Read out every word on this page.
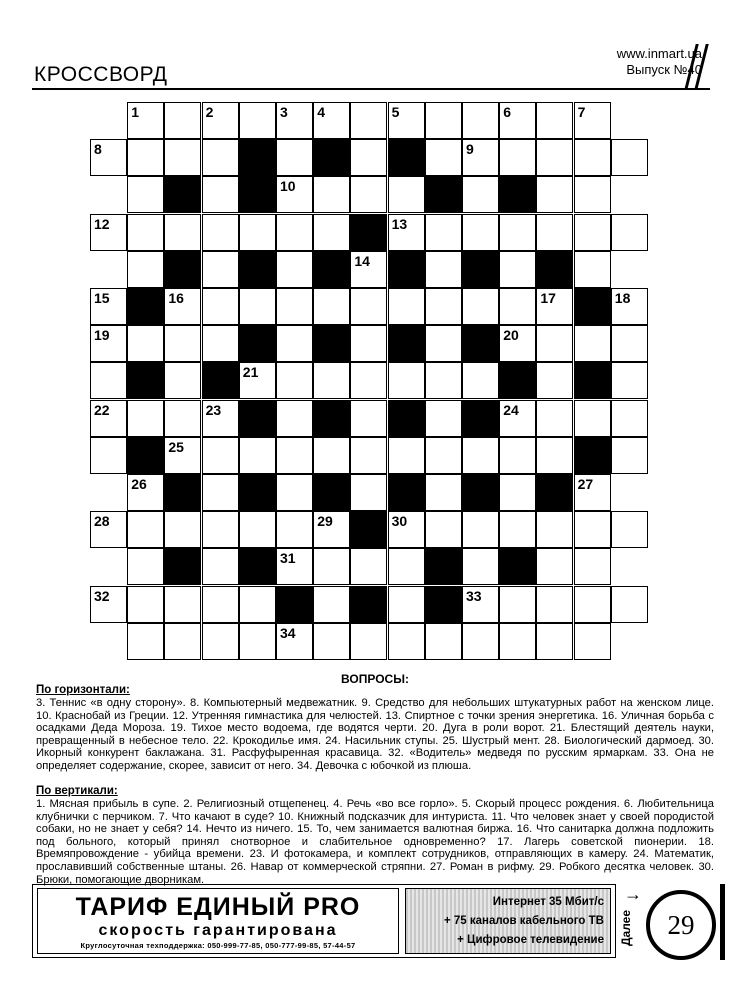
www.inmart.ua
Выпуск №40
КРОССВОРД
1	2	3 4	5	6	7
8	9
10
12	13
14
15	16	17	18
19	20
21
22	23	24
25
26	27
28	29	30
31
32	33
34
ВОПРОСЫ:
По горизонтали:
3. Теннис «в одну сторону». 8. Компьютерный медвежатник. 9. Средство для небольших штукатурных работ на женском лице. 10. Краснобай из Греции. 12. Утренняя гимнастика для челюстей. 13. Спиртное с точки зрения энергетика. 16. Уличная борьба с осадками Деда Мороза. 19. Тихое место водоема, где водятся черти. 20. Дуга в роли ворот. 21. Блестящий деятель науки, превращенный в небесное тело. 22. Крокодилье имя. 24. Насильник ступы. 25. Шустрый мент. 28. Биологический дармоед. 30. Икорный конкурент баклажана. 31. Расфуфыренная красавица. 32. «Водитель» медведя по русским ярмаркам. 33. Она не определяет содержание, скорее, зависит от него. 34. Девочка с юбочкой из плюша.
По вертикали:
1. Мясная прибыль в супе. 2. Религиозный отщепенец. 4. Речь «во все горло». 5. Скорый процесс рождения. 6. Любительница клубнички с перчиком. 7. Что качают в суде? 10. Книжный подсказчик для интуриста. 11. Что человек знает у своей породистой собаки, но не знает у себя? 14. Нечто из ничего. 15. То, чем занимается валютная биржа. 16. Что санитарка должна подложить под больного, который принял снотворное и слабительное одновременно? 17. Лагерь советской пионерии. 18. Времяпровождение - убийца времени. 23. И фотокамера, и комплект сотрудников, отправляющих в камеру. 24. Математик, прославивший собственные штаны. 26. Навар от коммерческой стряпни. 27. Роман в рифму. 29. Робкого десятка человек. 30. Брюки, помогающие дворникам.
ТАРИФ ЕДИНЫЙ PRO
скорость гарантирована
Круглосуточная техподдержка: 050-999-77-85, 050-777-99-85, 57-44-57
Интернет 35 Мбит/с
+ 75 каналов кабельного ТВ
+ Цифровое телевидение
→
Далее	29
